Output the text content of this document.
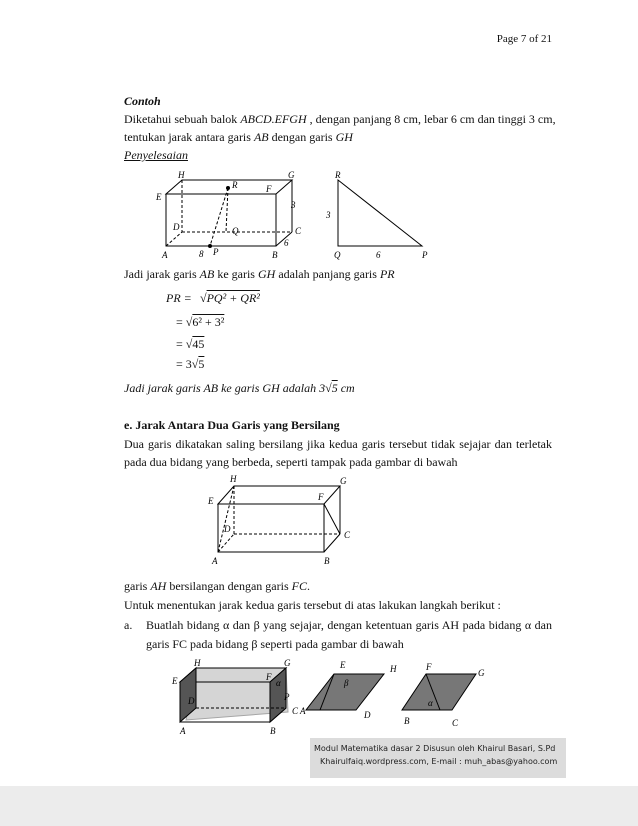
Page 7 of 21
Contoh
Diketahui sebuah balok ABCD.EFGH , dengan panjang 8 cm, lebar 6 cm dan tinggi 3 cm,
tentukan jarak antara garis AB dengan garis GH
Penyelesaian
H	G
E
F
R
Q
D	C
A	B
P
8
6
3
R
3
Q	6	P
Jadi jarak garis AB ke garis GH adalah panjang garis PR
PR = √PQ² + QR²
= √6² + 3²
= √45
= 3√5
Jadi jarak garis AB ke garis GH adalah 3√5 cm
e. Jarak Antara Dua Garis yang Bersilang
Dua garis dikatakan saling bersilang jika kedua garis tersebut tidak sejajar dan terletak
pada dua bidang yang berbeda, seperti tampak pada gambar di bawah
H	G
E	F
D
C
A	B
garis AH bersilangan dengan garis FC.
Untuk menentukan jarak kedua garis tersebut di atas lakukan langkah berikut :
a. Buatlah bidang α dan β yang sejajar, dengan ketentuan garis AH pada bidang α dan
garis FC pada bidang β seperti pada gambar di bawah
H	G
E	F
α
D	P
C
A	B
E	H
β
A	D
F
G
α
B	C
Modul Matematika dasar 2 Disusun oleh Khairul Basari, S.Pd
Khairulfaiq.wordpress.com, E-mail : muh_abas@yahoo.com
